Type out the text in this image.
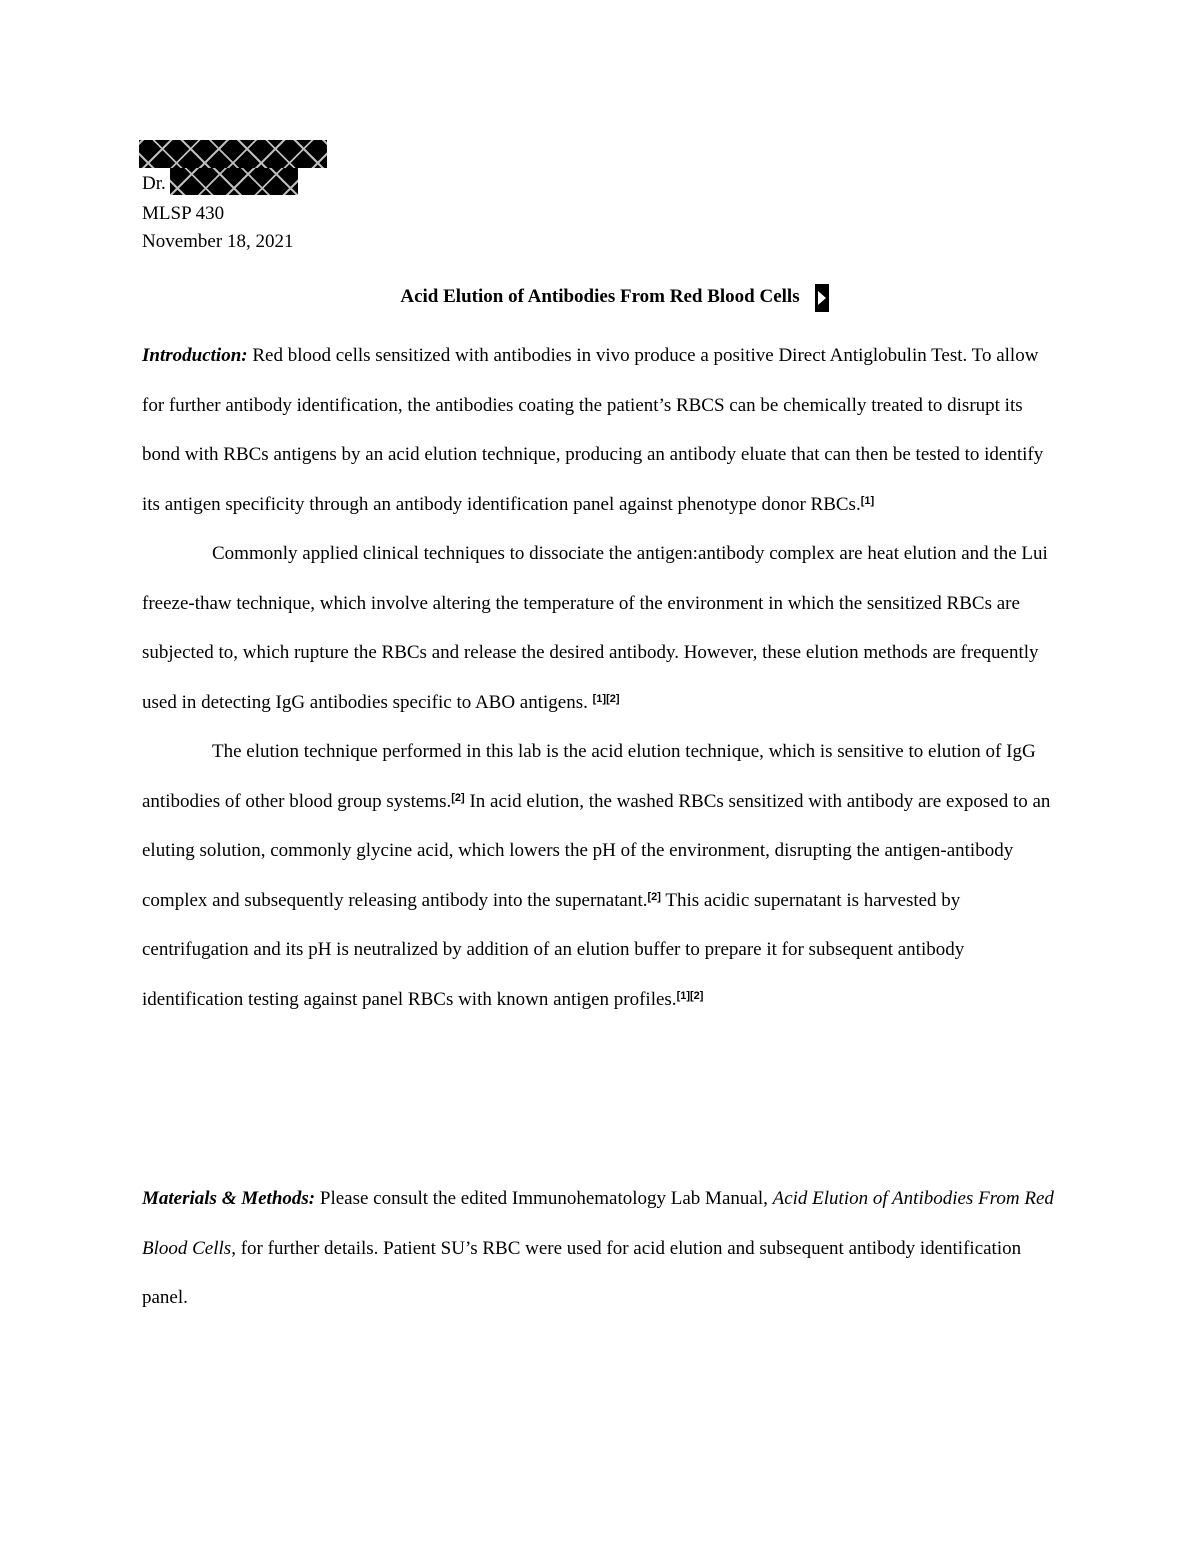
Dr.
MLSP 430
November 18, 2021
Acid Elution of Antibodies From Red Blood Cells

Introduction: Red blood cells sensitized with antibodies in vivo produce a positive Direct Antiglobulin Test. To allow for further antibody identification, the antibodies coating the patient’s RBCS can be chemically treated to disrupt its bond with RBCs antigens by an acid elution technique, producing an antibody eluate that can then be tested to identify its antigen specificity through an antibody identification panel against phenotype donor RBCs.[1]

Commonly applied clinical techniques to dissociate the antigen:antibody complex are heat elution and the Lui freeze-thaw technique, which involve altering the temperature of the environment in which the sensitized RBCs are subjected to, which rupture the RBCs and release the desired antibody. However, these elution methods are frequently used in detecting IgG antibodies specific to ABO antigens. [1][2]

The elution technique performed in this lab is the acid elution technique, which is sensitive to elution of IgG antibodies of other blood group systems.[2] In acid elution, the washed RBCs sensitized with antibody are exposed to an eluting solution, commonly glycine acid, which lowers the pH of the environment, disrupting the antigen-antibody complex and subsequently releasing antibody into the supernatant.[2] This acidic supernatant is harvested by centrifugation and its pH is neutralized by addition of an elution buffer to prepare it for subsequent antibody identification testing against panel RBCs with known antigen profiles.[1][2]

Materials & Methods: Please consult the edited Immunohematology Lab Manual, Acid Elution of Antibodies From Red Blood Cells, for further details. Patient SU’s RBC were used for acid elution and subsequent antibody identification panel.
